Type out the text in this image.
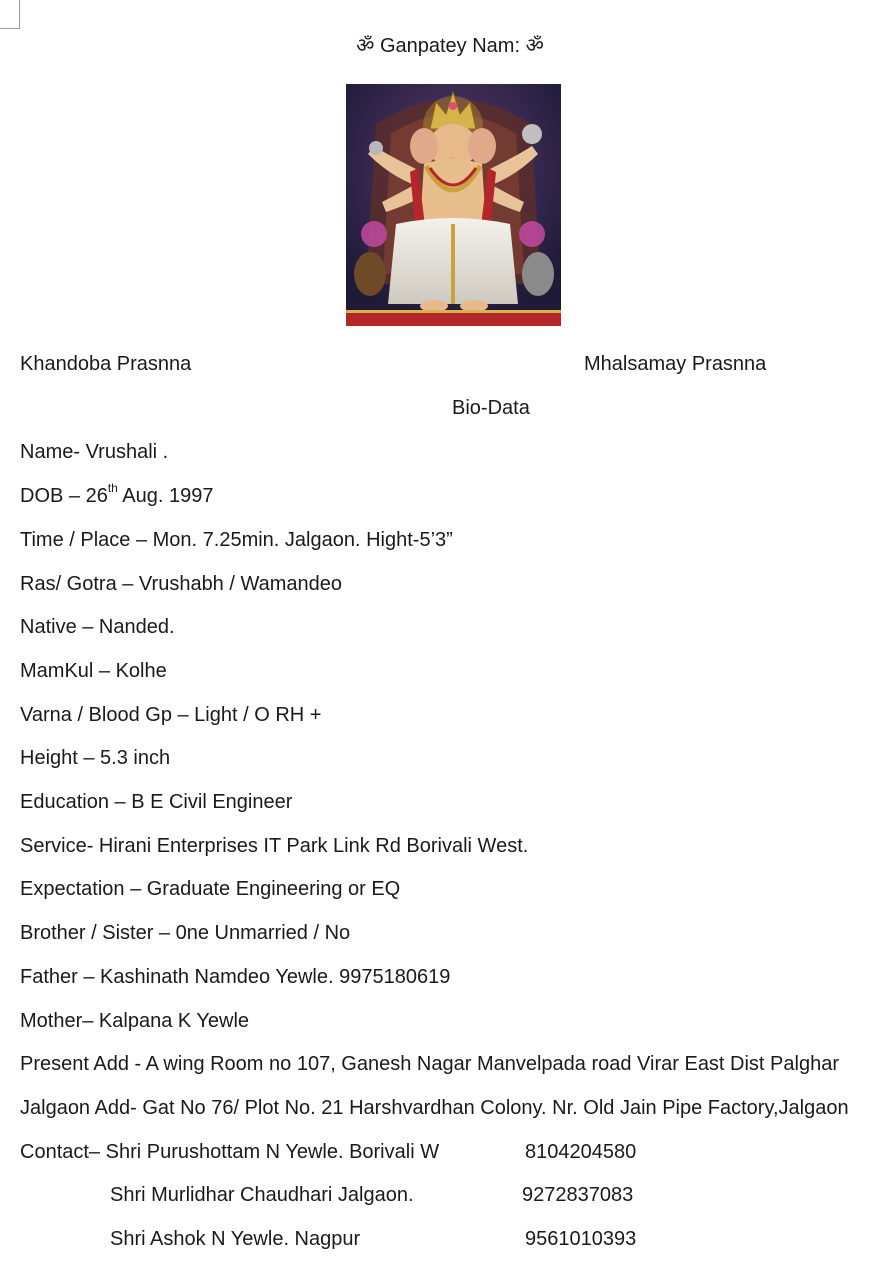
ॐ Ganpatey Nam: ॐ
Khandoba Prasnna	Mhalsamay Prasnna
Bio-Data
Name- Vrushali .
DOB – 26th Aug. 1997
Time / Place – Mon. 7.25min. Jalgaon. Hight-5’3”
Ras/ Gotra – Vrushabh / Wamandeo
Native – Nanded.
MamKul – Kolhe
Varna / Blood Gp – Light / O RH +
Height – 5.3 inch
Education – B E Civil Engineer
Service- Hirani Enterprises IT Park Link Rd Borivali West.
Expectation – Graduate Engineering or EQ
Brother / Sister – 0ne Unmarried / No
Father – Kashinath Namdeo Yewle. 9975180619
Mother– Kalpana K Yewle
Present Add - A wing Room no 107, Ganesh Nagar Manvelpada road Virar East Dist Palghar
Jalgaon Add- Gat No 76/ Plot No. 21 Harshvardhan Colony. Nr. Old Jain Pipe Factory,Jalgaon
Contact– Shri Purushottam N Yewle. Borivali W	8104204580
Shri Murlidhar Chaudhari Jalgaon.	9272837083
Shri Ashok N Yewle. Nagpur	9561010393
